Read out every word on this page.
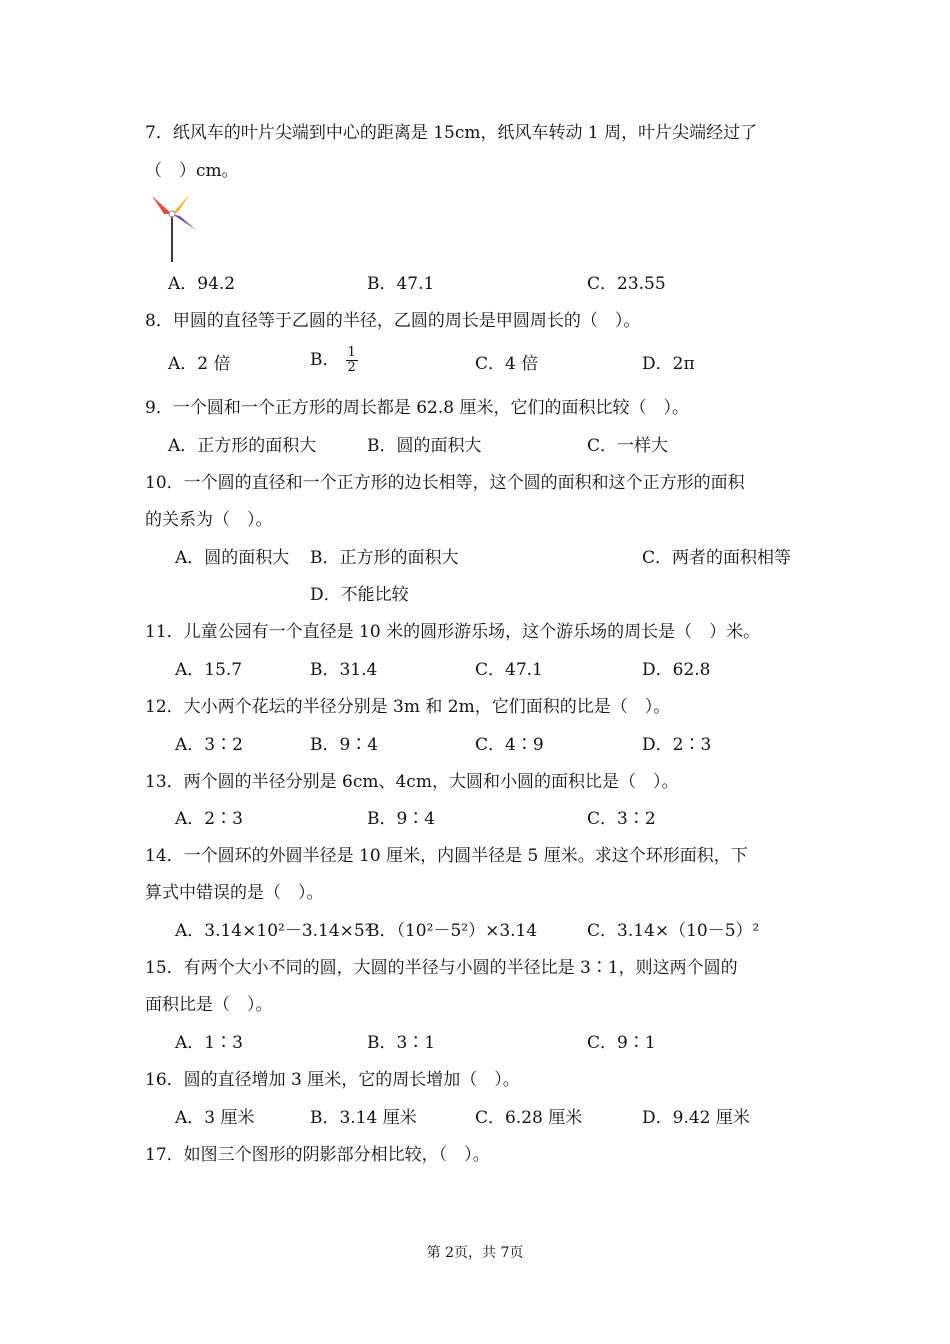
7．纸风车的叶片尖端到中心的距离是 15cm，纸风车转动 1 周，叶片尖端经过了
（　）cm。
A．94.2	B．47.1	C．23.55
8．甲圆的直径等于乙圆的半径，乙圆的周长是甲圆周长的（　）。
A．2 倍	B． $\frac{1}{2}$	C．4 倍	D．2π
9．一个圆和一个正方形的周长都是 62.8 厘米，它们的面积比较（　）。
A．正方形的面积大	B．圆的面积大	C．一样大
10．一个圆的直径和一个正方形的边长相等，这个圆的面积和这个正方形的面积
的关系为（　）。
A．圆的面积大 B．正方形的面积大	C．两者的面积相等
D．不能比较
11．儿童公园有一个直径是 10 米的圆形游乐场，这个游乐场的周长是（　）米。
A．15.7	B．31.4	C．47.1	D．62.8
12．大小两个花坛的半径分别是 3m 和 2m，它们面积的比是（　）。
A．3∶2	B．9∶4	C．4∶9	D．2∶3
13．两个圆的半径分别是 6cm、4cm，大圆和小圆的面积比是（　）。
A．2∶3	B．9∶4	C．3∶2
14．一个圆环的外圆半径是 10 厘米，内圆半径是 5 厘米。求这个环形面积，下
算式中错误的是（　）。
A．3.14×10²－3.14×5²
B．（10²－5²）×3.14	C．3.14×（10－5）²
15．有两个大小不同的圆，大圆的半径与小圆的半径比是 3∶1，则这两个圆的
面积比是（　）。
A．1∶3	B．3∶1	C．9∶1
16．圆的直径增加 3 厘米，它的周长增加（　）。
A．3 厘米	B．3.14 厘米	C．6.28 厘米	D．9.42 厘米
17．如图三个图形的阴影部分相比较，（　）。
第 2页，共 7页
